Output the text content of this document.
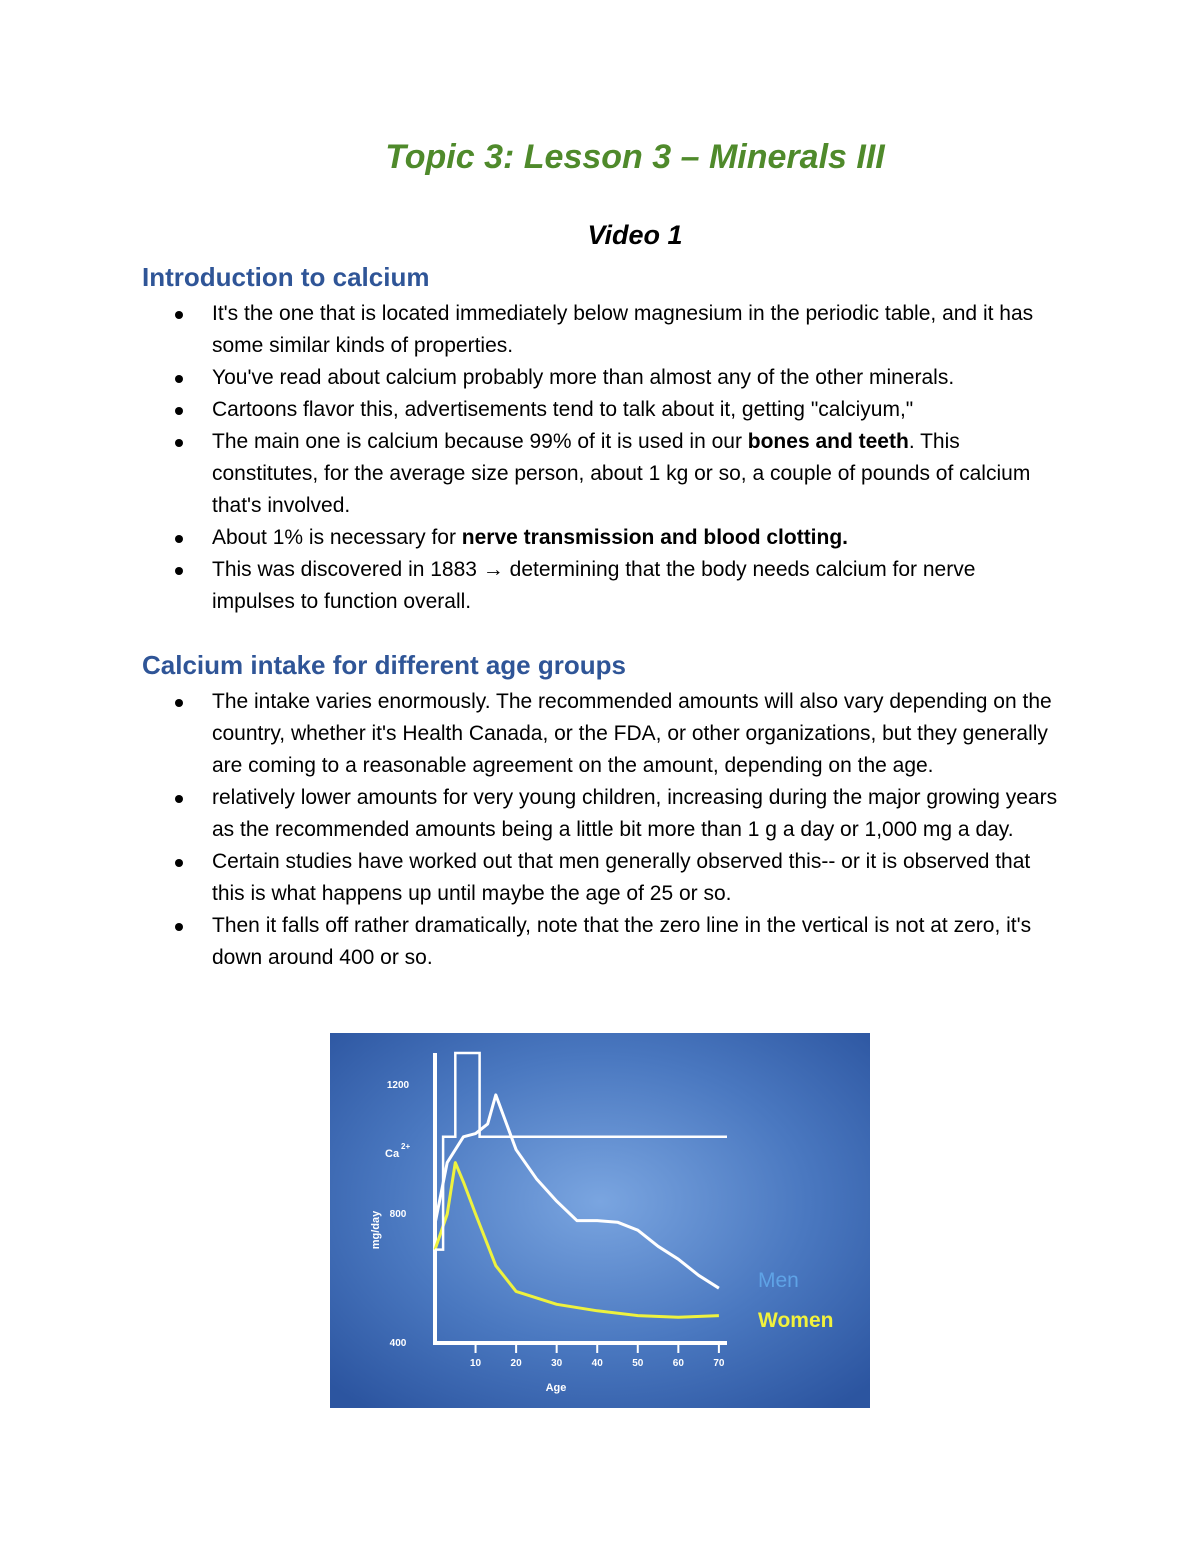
Topic 3: Lesson 3 – Minerals III
Video 1
Introduction to calcium
It's the one that is located immediately below magnesium in the periodic table, and it has some similar kinds of properties.
You've read about calcium probably more than almost any of the other minerals.
Cartoons flavor this, advertisements tend to talk about it, getting "calciyum,"
The main one is calcium because 99% of it is used in our bones and teeth. This constitutes, for the average size person, about 1 kg or so, a couple of pounds of calcium that's involved.
About 1% is necessary for nerve transmission and blood clotting.
This was discovered in 1883 → determining that the body needs calcium for nerve impulses to function overall.
Calcium intake for different age groups
The intake varies enormously. The recommended amounts will also vary depending on the country, whether it's Health Canada, or the FDA, or other organizations, but they generally are coming to a reasonable agreement on the amount, depending on the age.
relatively lower amounts for very young children, increasing during the major growing years as the recommended amounts being a little bit more than 1 g a day or 1,000 mg a day.
Certain studies have worked out that men generally observed this-- or it is observed that this is what happens up until maybe the age of 25 or so.
Then it falls off rather dramatically, note that the zero line in the vertical is not at zero, it's down around 400 or so.
10	20	30	40	50	60	70
400
800
1200
Ca
2+
mg/day
Age
Men
Women
